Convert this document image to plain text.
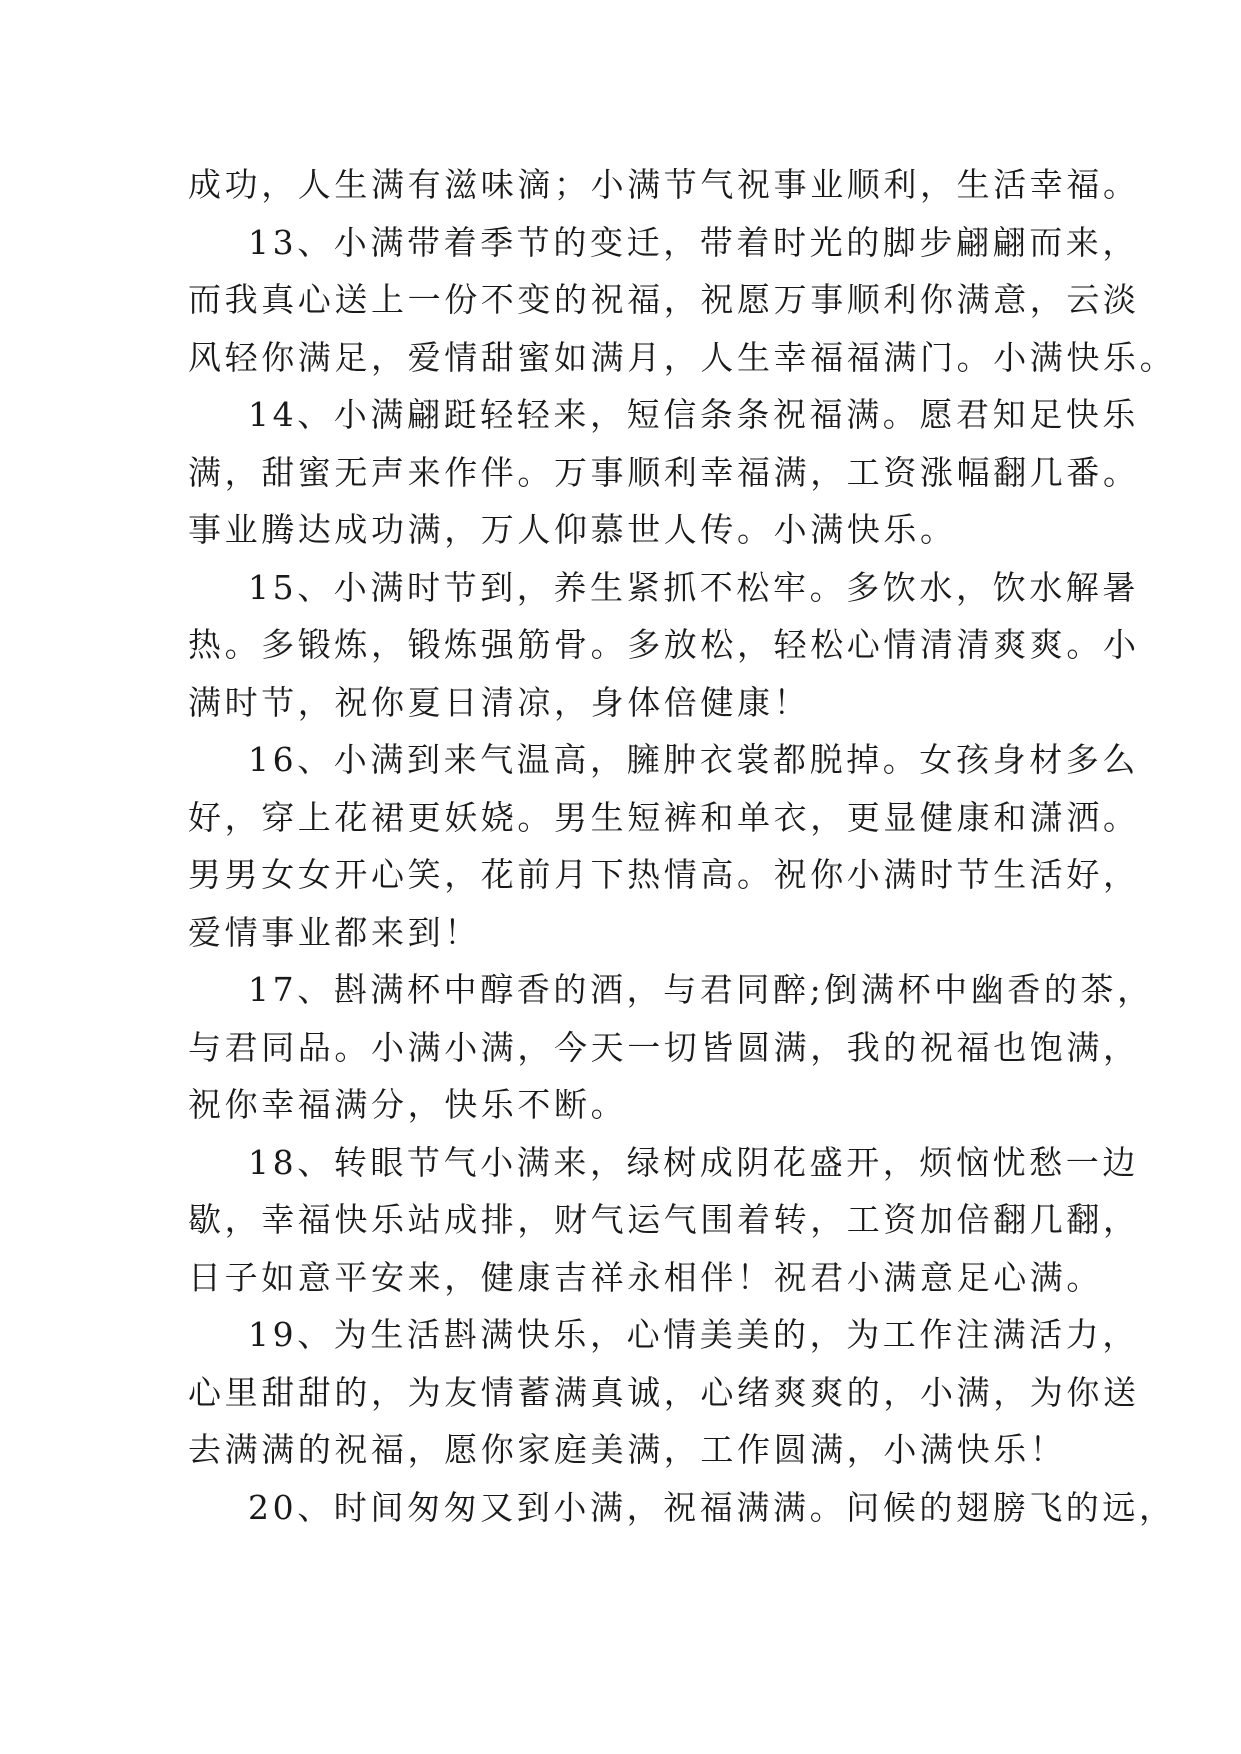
成功，人生满有滋味滴；小满节气祝事业顺利，生活幸福。
13、小满带着季节的变迁，带着时光的脚步翩翩而来，
而我真心送上一份不变的祝福，祝愿万事顺利你满意，云淡
风轻你满足，爱情甜蜜如满月，人生幸福福满门。小满快乐。
14、小满翩跹轻轻来，短信条条祝福满。愿君知足快乐
满，甜蜜无声来作伴。万事顺利幸福满，工资涨幅翻几番。
事业腾达成功满，万人仰慕世人传。小满快乐。
15、小满时节到，养生紧抓不松牢。多饮水，饮水解暑
热。多锻炼，锻炼强筋骨。多放松，轻松心情清清爽爽。小
满时节，祝你夏日清凉，身体倍健康！
16、小满到来气温高，臃肿衣裳都脱掉。女孩身材多么
好，穿上花裙更妖娆。男生短裤和单衣，更显健康和潇洒。
男男女女开心笑，花前月下热情高。祝你小满时节生活好，
爱情事业都来到！
17、斟满杯中醇香的酒，与君同醉;倒满杯中幽香的茶，
与君同品。小满小满，今天一切皆圆满，我的祝福也饱满，
祝你幸福满分，快乐不断。
18、转眼节气小满来，绿树成阴花盛开，烦恼忧愁一边
歇，幸福快乐站成排，财气运气围着转，工资加倍翻几翻，
日子如意平安来，健康吉祥永相伴！祝君小满意足心满。
19、为生活斟满快乐，心情美美的，为工作注满活力，
心里甜甜的，为友情蓄满真诚，心绪爽爽的，小满，为你送
去满满的祝福，愿你家庭美满，工作圆满，小满快乐！
20、时间匆匆又到小满，祝福满满。问候的翅膀飞的远，
